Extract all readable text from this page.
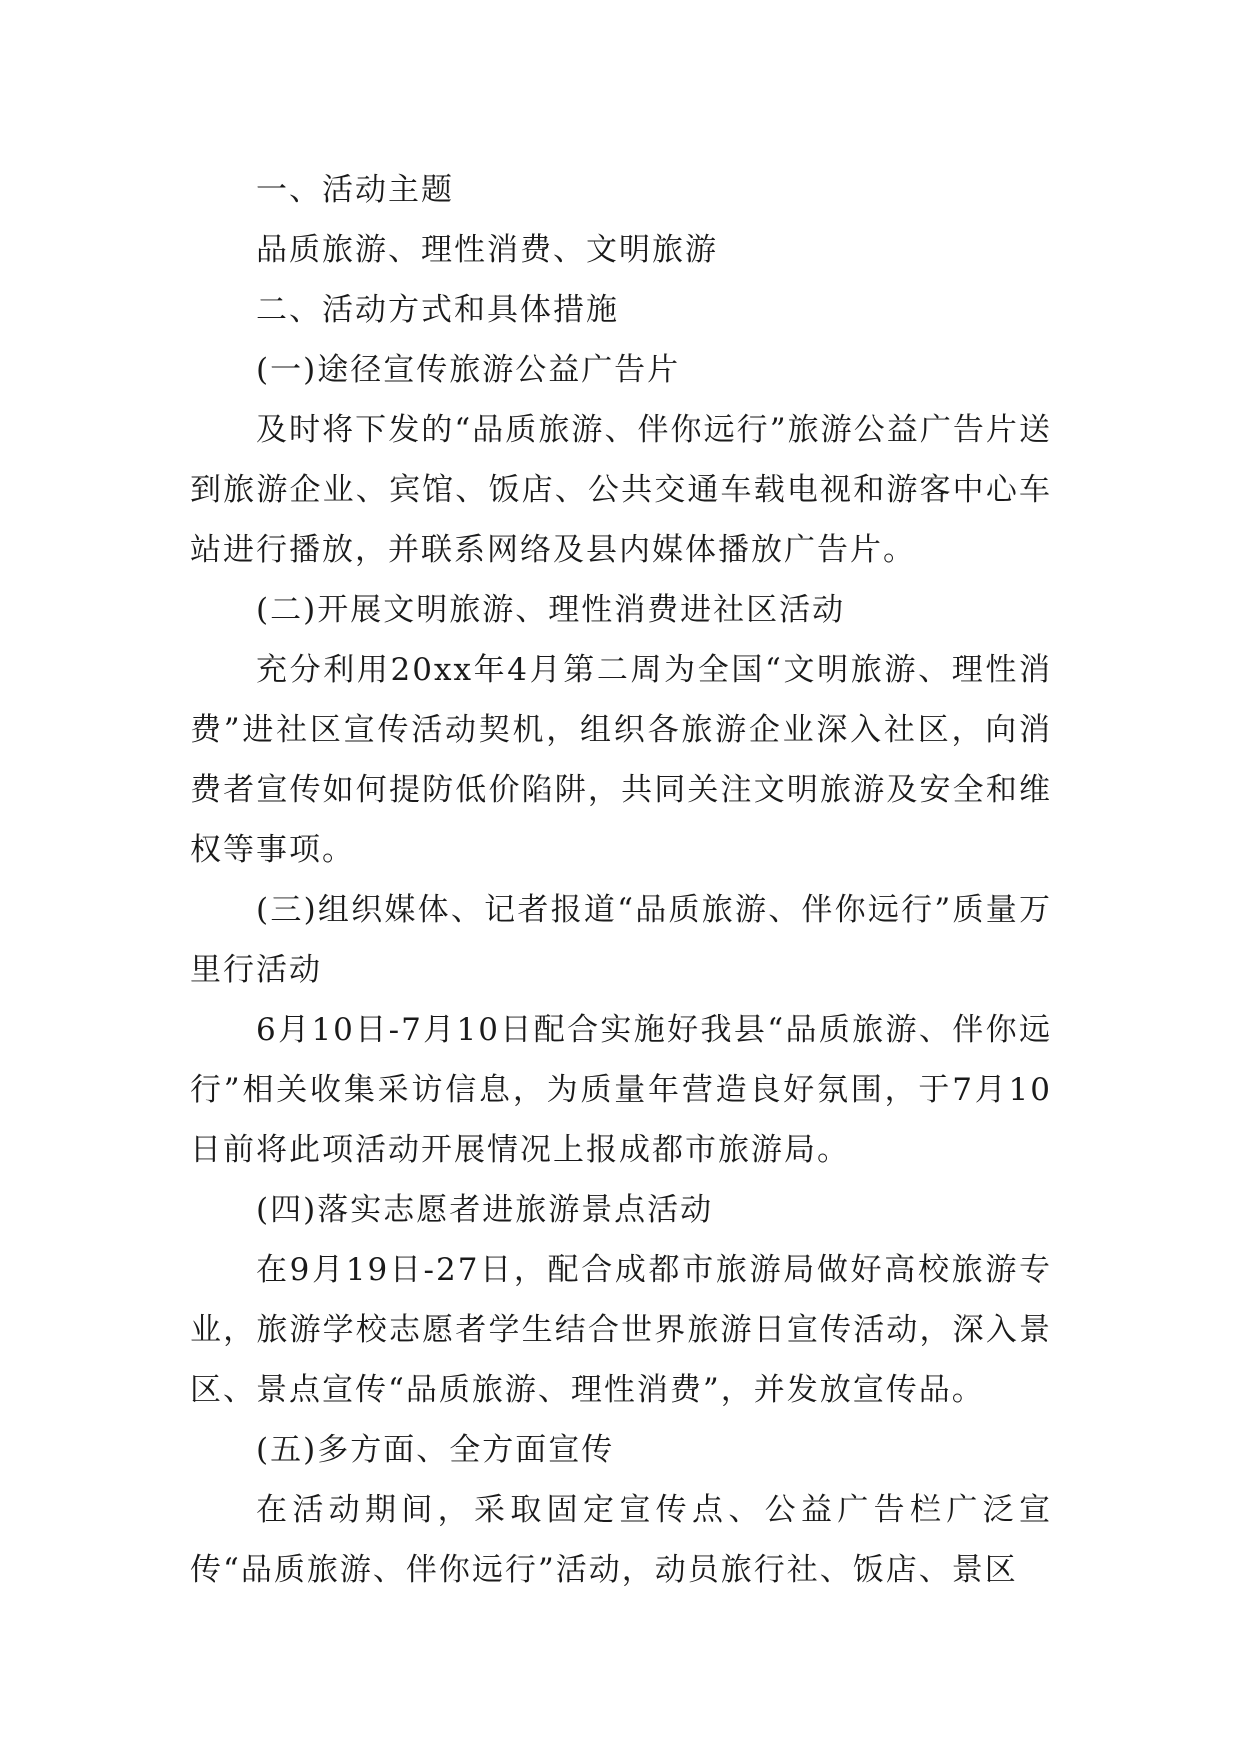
一、活动主题

品质旅游、理性消费、文明旅游

二、活动方式和具体措施

(一)途径宣传旅游公益广告片

及时将下发的“品质旅游、伴你远行”旅游公益广告片送到旅游企业、宾馆、饭店、公共交通车载电视和游客中心车站进行播放，并联系网络及县内媒体播放广告片。

(二)开展文明旅游、理性消费进社区活动

充分利用20xx年4月第二周为全国“文明旅游、理性消费”进社区宣传活动契机，组织各旅游企业深入社区，向消费者宣传如何提防低价陷阱，共同关注文明旅游及安全和维权等事项。

(三)组织媒体、记者报道“品质旅游、伴你远行”质量万里行活动

6月10日-7月10日配合实施好我县“品质旅游、伴你远行”相关收集采访信息，为质量年营造良好氛围，于7月10日前将此项活动开展情况上报成都市旅游局。

(四)落实志愿者进旅游景点活动

在9月19日-27日，配合成都市旅游局做好高校旅游专业，旅游学校志愿者学生结合世界旅游日宣传活动，深入景区、景点宣传“品质旅游、理性消费”，并发放宣传品。

(五)多方面、全方面宣传

在活动期间，采取固定宣传点、公益广告栏广泛宣传“品质旅游、伴你远行”活动，动员旅行社、饭店、景区
